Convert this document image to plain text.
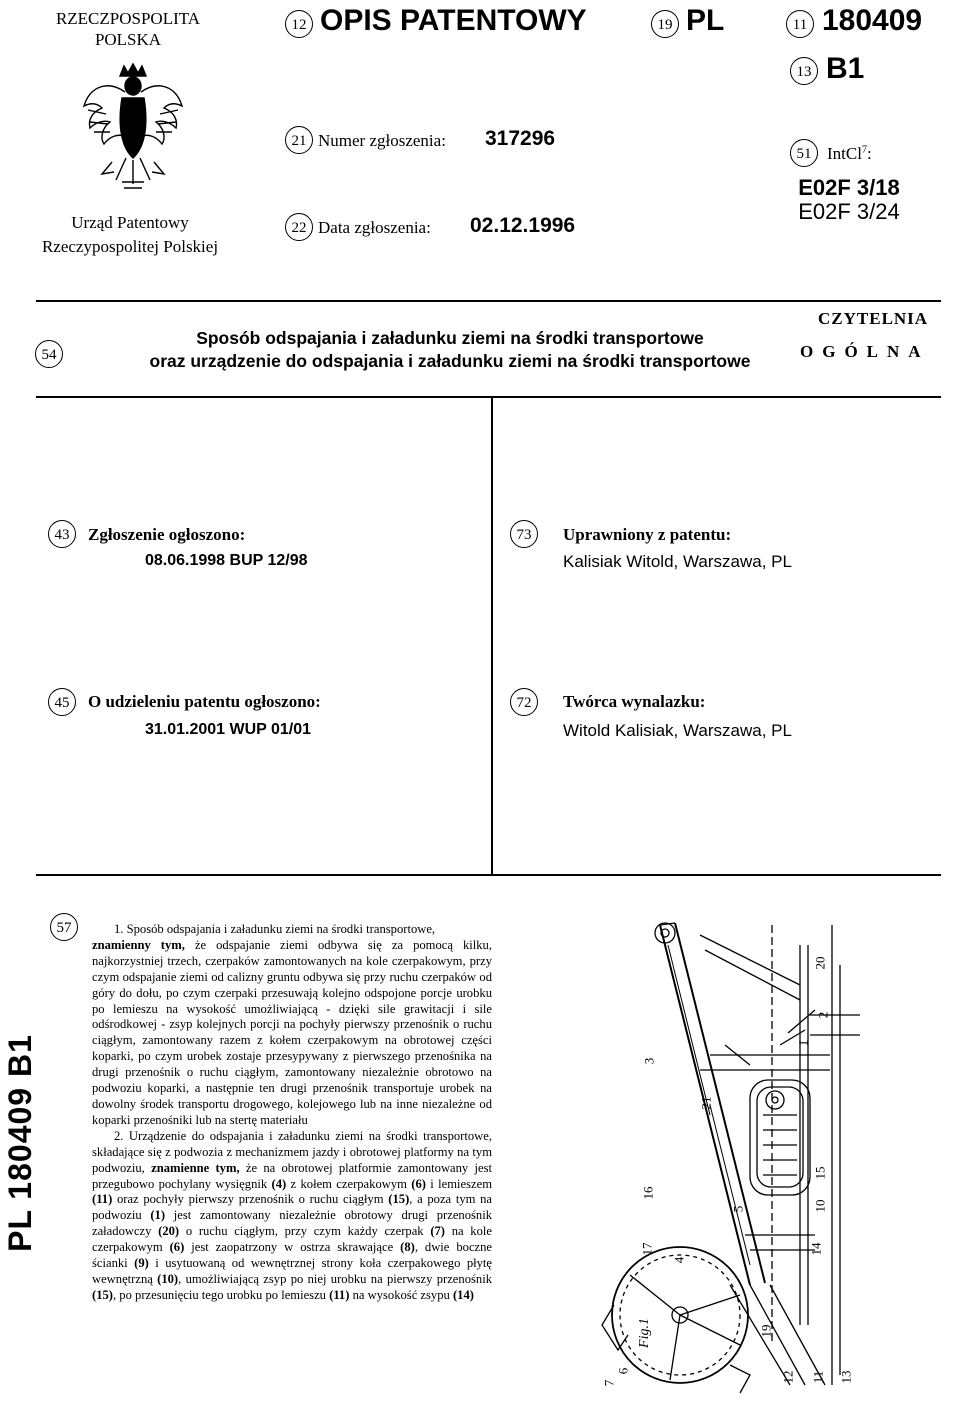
RZECZPOSPOLITA
POLSKA
Urząd Patentowy
Rzeczypospolitej Polskiej
12 OPIS PATENTOWY	19 PL	11 180409
13 B1
21 Numer zgłoszenia: 317296
22 Data zgłoszenia: 02.12.1996
51 IntCl$^7$:
E02F 3/18
E02F 3/24
54
Sposób odspajania i załadunku ziemi na środki transportowe
oraz urządzenie do odspajania i załadunku ziemi na środki transportowe
CZYTELNIA
OGÓLNA
43	Zgłoszenie ogłoszono:
08.06.1998 BUP 12/98
73	Uprawniony z patentu:
Kalisiak Witold, Warszawa, PL
45	O udzieleniu patentu ogłoszono:
31.01.2001 WUP 01/01
72	Twórca wynalazku:
Witold Kalisiak, Warszawa, PL
57
PL 180409 B1

1. Sposób odspajania i załadunku ziemi na środki transportowe,
znamienny tym, że odspajanie ziemi odbywa się za pomocą kilku, najkorzystniej trzech, czerpaków zamontowanych na kole czerpakowym, przy czym odspajanie ziemi od calizny gruntu odbywa się przy ruchu czerpaków od góry do dołu, po czym czerpaki przesuwają kolejno odspojone porcje urobku po lemieszu na wysokość umożliwiającą - dzięki sile grawitacji i sile odśrodkowej - zsyp kolejnych porcji na pochyły pierwszy przenośnik o ruchu ciągłym, zamontowany razem z kołem czerpakowym na obrotowej części koparki, po czym urobek zostaje przesypywany z pierwszego przenośnika na drugi przenośnik o ruchu ciągłym, zamontowany niezależnie obrotowo na podwoziu koparki, a następnie ten drugi przenośnik transportuje urobek na dowolny środek transportu drogowego, kolejowego lub na inne niezależne od koparki przenośniki lub na stertę materiału

2. Urządzenie do odspajania i załadunku ziemi na środki transportowe, składające się z podwozia z mechanizmem jazdy i obrotowej platformy na tym podwoziu, znamienne tym, że na obrotowej platformie zamontowany jest przegubowo pochylany wysięgnik (4) z kołem czerpakowym (6) i lemieszem (11) oraz pochyły pierwszy przenośnik o ruchu ciągłym (15), a poza tym na podwoziu (1) jest zamontowany niezależnie obrotowy drugi przenośnik załadowczy (20) o ruchu ciągłym, przy czym każdy czerpak (7) na kole czerpakowym (6) jest zaopatrzony w ostrza skrawające (8), dwie boczne ścianki (9) i usytuowaną od wewnętrznej strony koła czerpakowego płytę wewnętrzną (10), umożliwiającą zsyp po niej urobku na pierwszy przenośnik (15), po przesunięciu tego urobku po lemieszu (11) na wysokość zsypu (14)

20
2
1
3
21
15
10
16
5
4
17	14
19
7
6	12 11 13
Fig.1
